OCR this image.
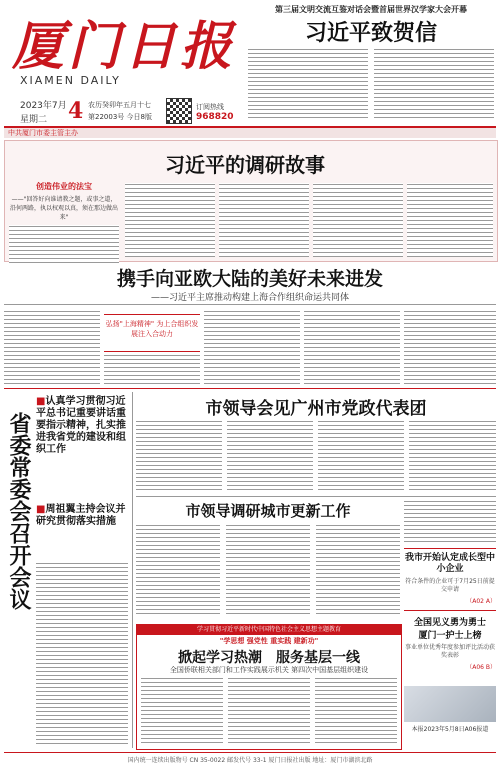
厦门日报
XIAMEN DAILY
2023年7月
星期二 4 农历癸卯年五月十七
第22003号 今日8版
订阅热线
968820
第三届文明交流互鉴对话会暨首届世界汉学家大会开幕
习近平致贺信
中共厦门市委主管主办
习近平的调研故事
创造伟业的法宝
——"回答好向谁请教之题，或事之道，沿何两路，执以权观以真，须在那边做出来"
携手向亚欧大陆的美好未来进发
——习近平主席推动构建上海合作组织命运共同体
弘扬"上海精神" 为上合组织发展注入合动力
省委常委会召开会议
■认真学习贯彻习近平总书记重要讲话重要指示精神，扎实推进我省党的建设和组织工作
■周祖翼主持会议并研究贯彻落实措施
市领导会见广州市党政代表团
市领导调研城市更新工作
我市开始认定成长型中小企业
符合条件的企业可于7月25日前提交申请
（A02 A）
全国见义勇为勇士
厦门一护士上榜
事业单位优秀年度参加评比活动获奖表彰
（A06 B）
本报2023年5月8日A06报道
学习贯彻习近平新时代中国特色社会主义思想主题教育
"学思想 强党性 重实践 建新功"
掀起学习热潮　服务基层一线
全国侨联相关部门和工作实践展示机关 第四次中国基层组织建设
国内统一连续出版物号 CN 35-0022 邮发代号 33-1 厦门日报社出版 地址：厦门市湖滨北路
